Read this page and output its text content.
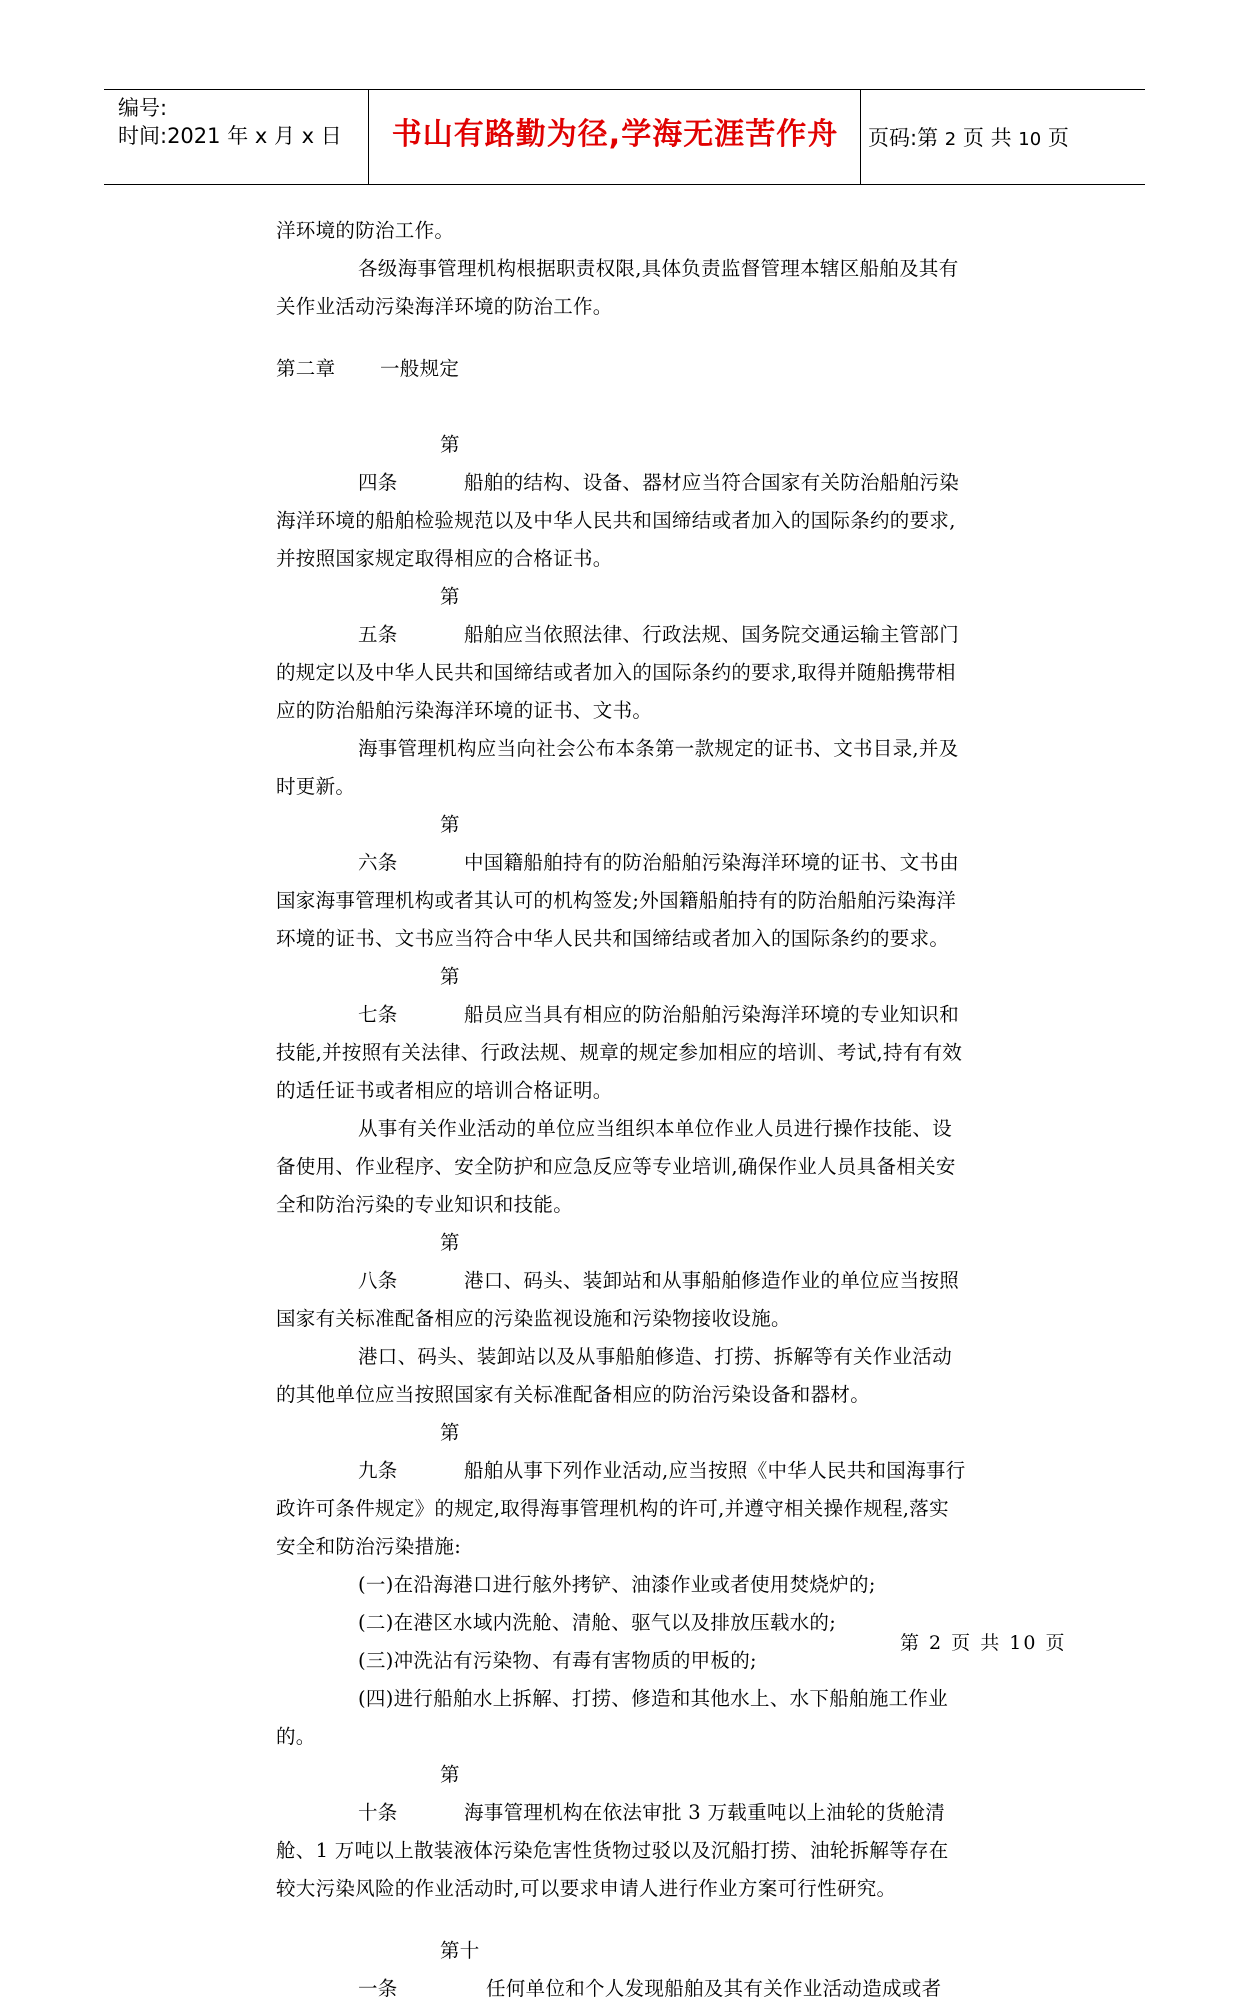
编号:
时间:2021 年 x 月 x 日	书山有路勤为径,学海无涯苦作舟	页码:第 2 页 共 10 页

洋环境的防治工作。

各级海事管理机构根据职责权限,具体负责监督管理本辖区船舶及其有关作业活动污染海洋环境的防治工作。

第二章 一般规定

第四条	船舶的结构、设备、器材应当符合国家有关防治船舶污染海洋环境的船舶检验规范以及中华人民共和国缔结或者加入的国际条约的要求,并按照国家规定取得相应的合格证书。

第五条	船舶应当依照法律、行政法规、国务院交通运输主管部门的规定以及中华人民共和国缔结或者加入的国际条约的要求,取得并随船携带相应的防治船舶污染海洋环境的证书、文书。

海事管理机构应当向社会公布本条第一款规定的证书、文书目录,并及时更新。

第六条	中国籍船舶持有的防治船舶污染海洋环境的证书、文书由国家海事管理机构或者其认可的机构签发;外国籍船舶持有的防治船舶污染海洋环境的证书、文书应当符合中华人民共和国缔结或者加入的国际条约的要求。

第七条	船员应当具有相应的防治船舶污染海洋环境的专业知识和技能,并按照有关法律、行政法规、规章的规定参加相应的培训、考试,持有有效的适任证书或者相应的培训合格证明。

从事有关作业活动的单位应当组织本单位作业人员进行操作技能、设备使用、作业程序、安全防护和应急反应等专业培训,确保作业人员具备相关安全和防治污染的专业知识和技能。

第八条	港口、码头、装卸站和从事船舶修造作业的单位应当按照国家有关标准配备相应的污染监视设施和污染物接收设施。

港口、码头、装卸站以及从事船舶修造、打捞、拆解等有关作业活动的其他单位应当按照国家有关标准配备相应的防治污染设备和器材。

第九条	船舶从事下列作业活动,应当按照《中华人民共和国海事行政许可条件规定》的规定,取得海事管理机构的许可,并遵守相关操作规程,落实安全和防治污染措施:

(一)在沿海港口进行舷外拷铲、油漆作业或者使用焚烧炉的;

(二)在港区水域内洗舱、清舱、驱气以及排放压载水的;

(三)冲洗沾有污染物、有毒有害物质的甲板的;

(四)进行船舶水上拆解、打捞、修造和其他水上、水下船舶施工作业的。

第十条	海事管理机构在依法审批 3 万载重吨以上油轮的货舱清舱、1 万吨以上散装液体污染危害性货物过驳以及沉船打捞、油轮拆解等存在较大污染风险的作业活动时,可以要求申请人进行作业方案可行性研究。

第十一条	任何单位和个人发现船舶及其有关作业活动造成或者

第 2 页 共 10 页
